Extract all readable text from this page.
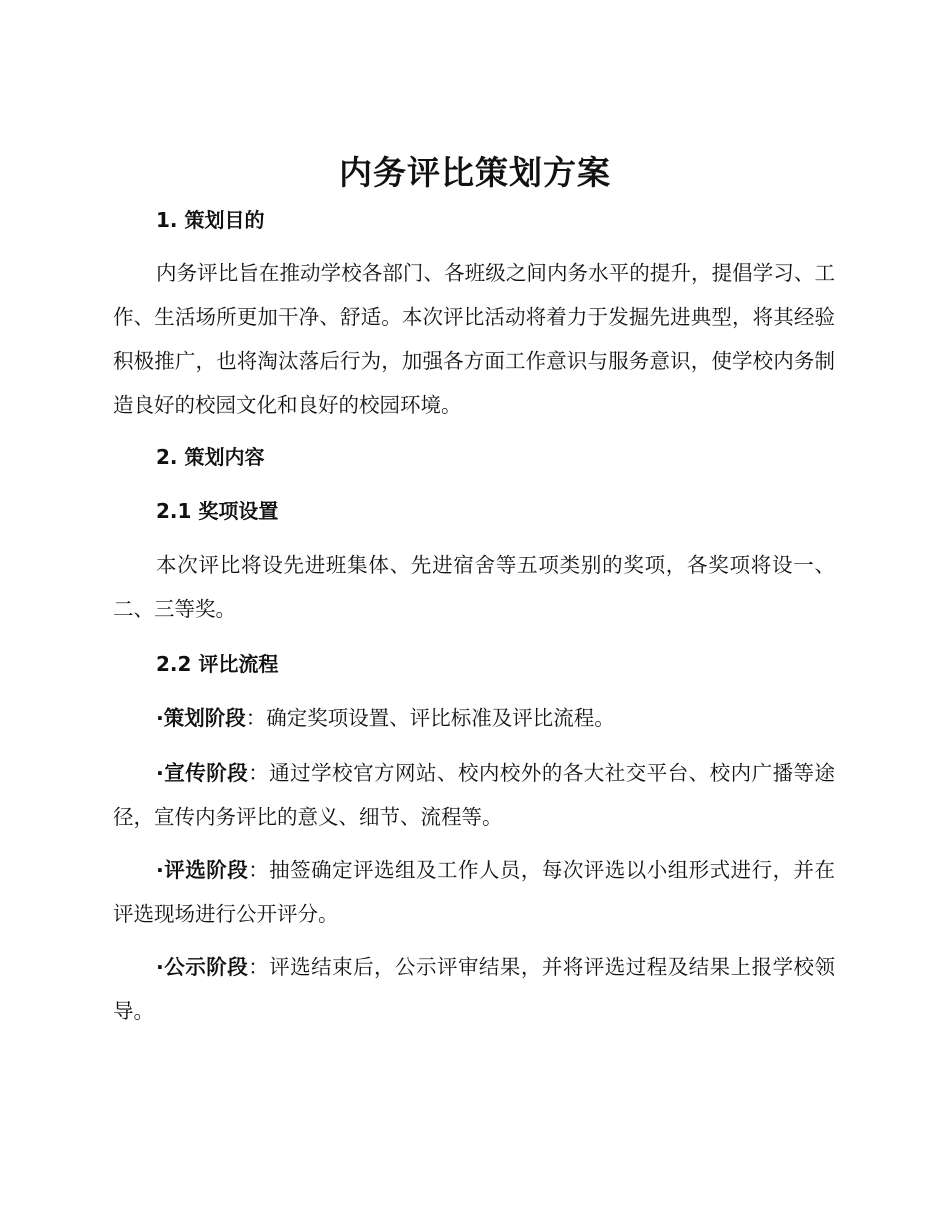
内务评比策划方案
1. 策划目的

内务评比旨在推动学校各部门、各班级之间内务水平的提升，提倡学习、工作、生活场所更加干净、舒适。本次评比活动将着力于发掘先进典型，将其经验积极推广，也将淘汰落后行为，加强各方面工作意识与服务意识，使学校内务制造良好的校园文化和良好的校园环境。

2. 策划内容
2.1 奖项设置

本次评比将设先进班集体、先进宿舍等五项类别的奖项，各奖项将设一、二、三等奖。

2.2 评比流程

·策划阶段：确定奖项设置、评比标准及评比流程。

·宣传阶段：通过学校官方网站、校内校外的各大社交平台、校内广播等途径，宣传内务评比的意义、细节、流程等。

·评选阶段：抽签确定评选组及工作人员，每次评选以小组形式进行，并在评选现场进行公开评分。

·公示阶段：评选结束后，公示评审结果，并将评选过程及结果上报学校领导。
